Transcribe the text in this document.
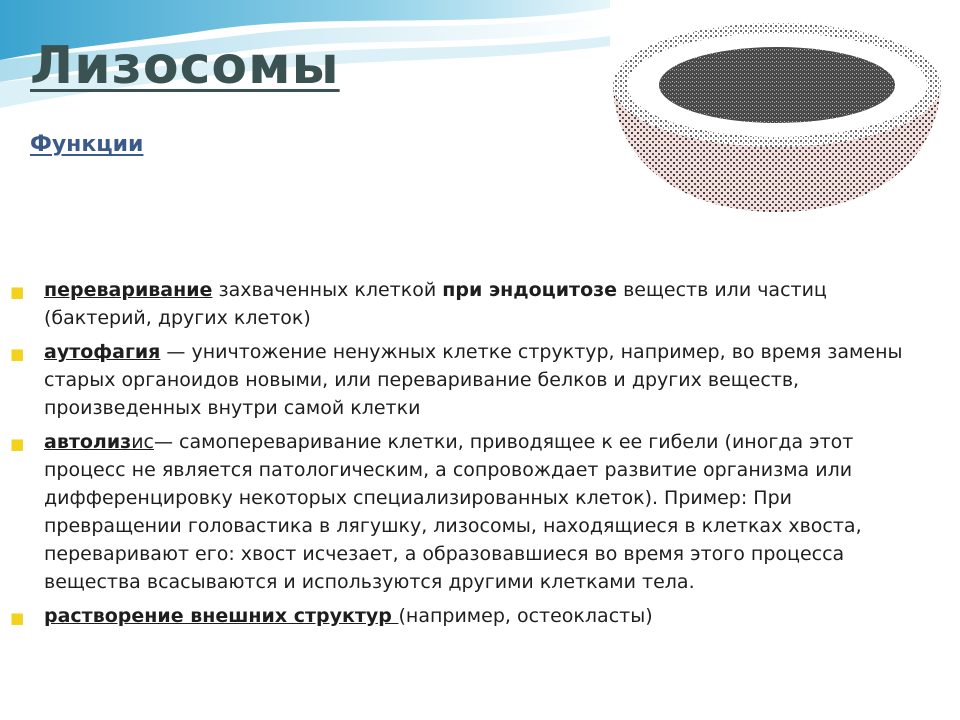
Лизосомы
Функции
■ переваривание захваченных клеткой при эндоцитозе веществ или частиц (бактерий, других клеток)
■ аутофагия — уничтожение ненужных клетке структур, например, во время замены старых органоидов новыми, или переваривание белков и других веществ, произведенных внутри самой клетки
■ автолизис— самопереваривание клетки, приводящее к ее гибели (иногда этот процесс не является патологическим, а сопровождает развитие организма или дифференцировку некоторых специализированных клеток). Пример: При превращении головастика в лягушку, лизосомы, находящиеся в клетках хвоста, переваривают его: хвост исчезает, а образовавшиеся во время этого процесса вещества всасываются и используются другими клетками тела.
■ растворение внешних структур (например, остеокласты)
